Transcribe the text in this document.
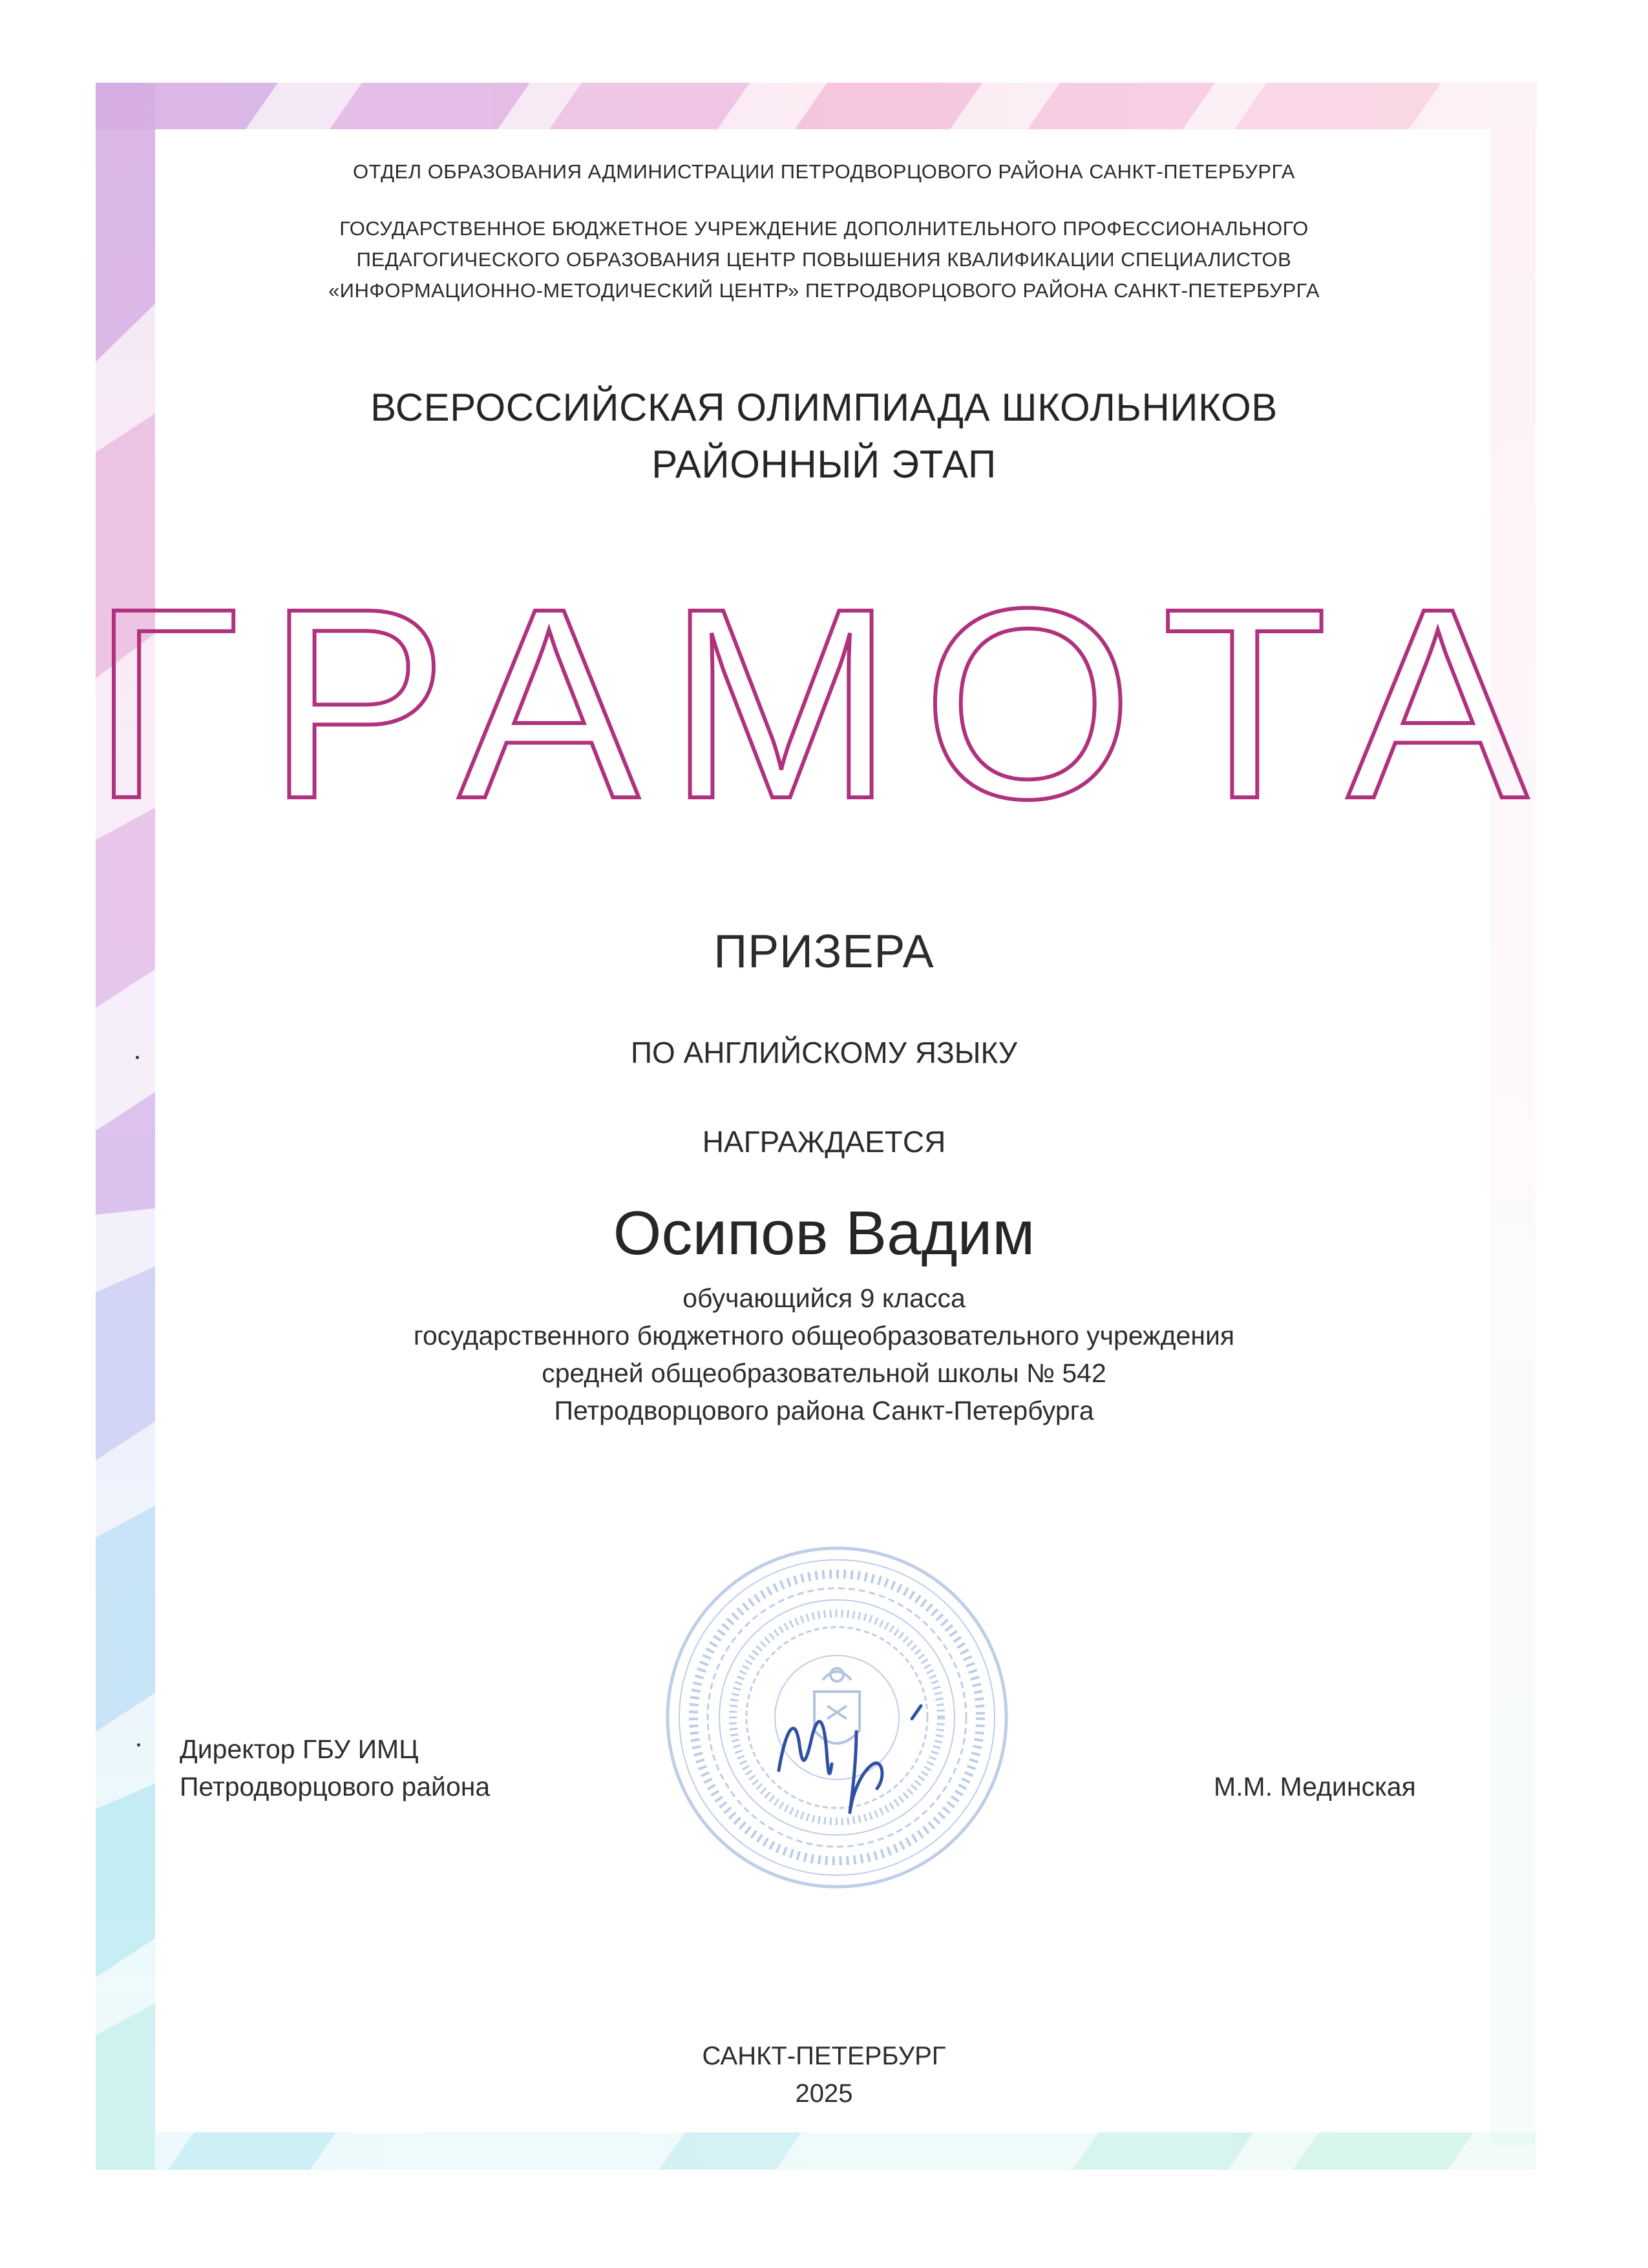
ОТДЕЛ ОБРАЗОВАНИЯ АДМИНИСТРАЦИИ ПЕТРОДВОРЦОВОГО РАЙОНА САНКТ-ПЕТЕРБУРГА
ГОСУДАРСТВЕННОЕ БЮДЖЕТНОЕ УЧРЕЖДЕНИЕ ДОПОЛНИТЕЛЬНОГО ПРОФЕССИОНАЛЬНОГО
ПЕДАГОГИЧЕСКОГО ОБРАЗОВАНИЯ ЦЕНТР ПОВЫШЕНИЯ КВАЛИФИКАЦИИ СПЕЦИАЛИСТОВ
«ИНФОРМАЦИОННО-МЕТОДИЧЕСКИЙ ЦЕНТР» ПЕТРОДВОРЦОВОГО РАЙОНА САНКТ-ПЕТЕРБУРГА
ВСЕРОССИЙСКАЯ ОЛИМПИАДА ШКОЛЬНИКОВ
РАЙОННЫЙ ЭТАП
ГРАМОТА
ПРИЗЕРА
ПО АНГЛИЙСКОМУ ЯЗЫКУ
НАГРАЖДАЕТСЯ
Осипов Вадим
обучающийся 9 класса
государственного бюджетного общеобразовательного учреждения
средней общеобразовательной школы № 542
Петродворцового района Санкт-Петербурга
Директор ГБУ ИМЦ
Петродворцового района	М.М. Мединская
САНКТ-ПЕТЕРБУРГ
2025
